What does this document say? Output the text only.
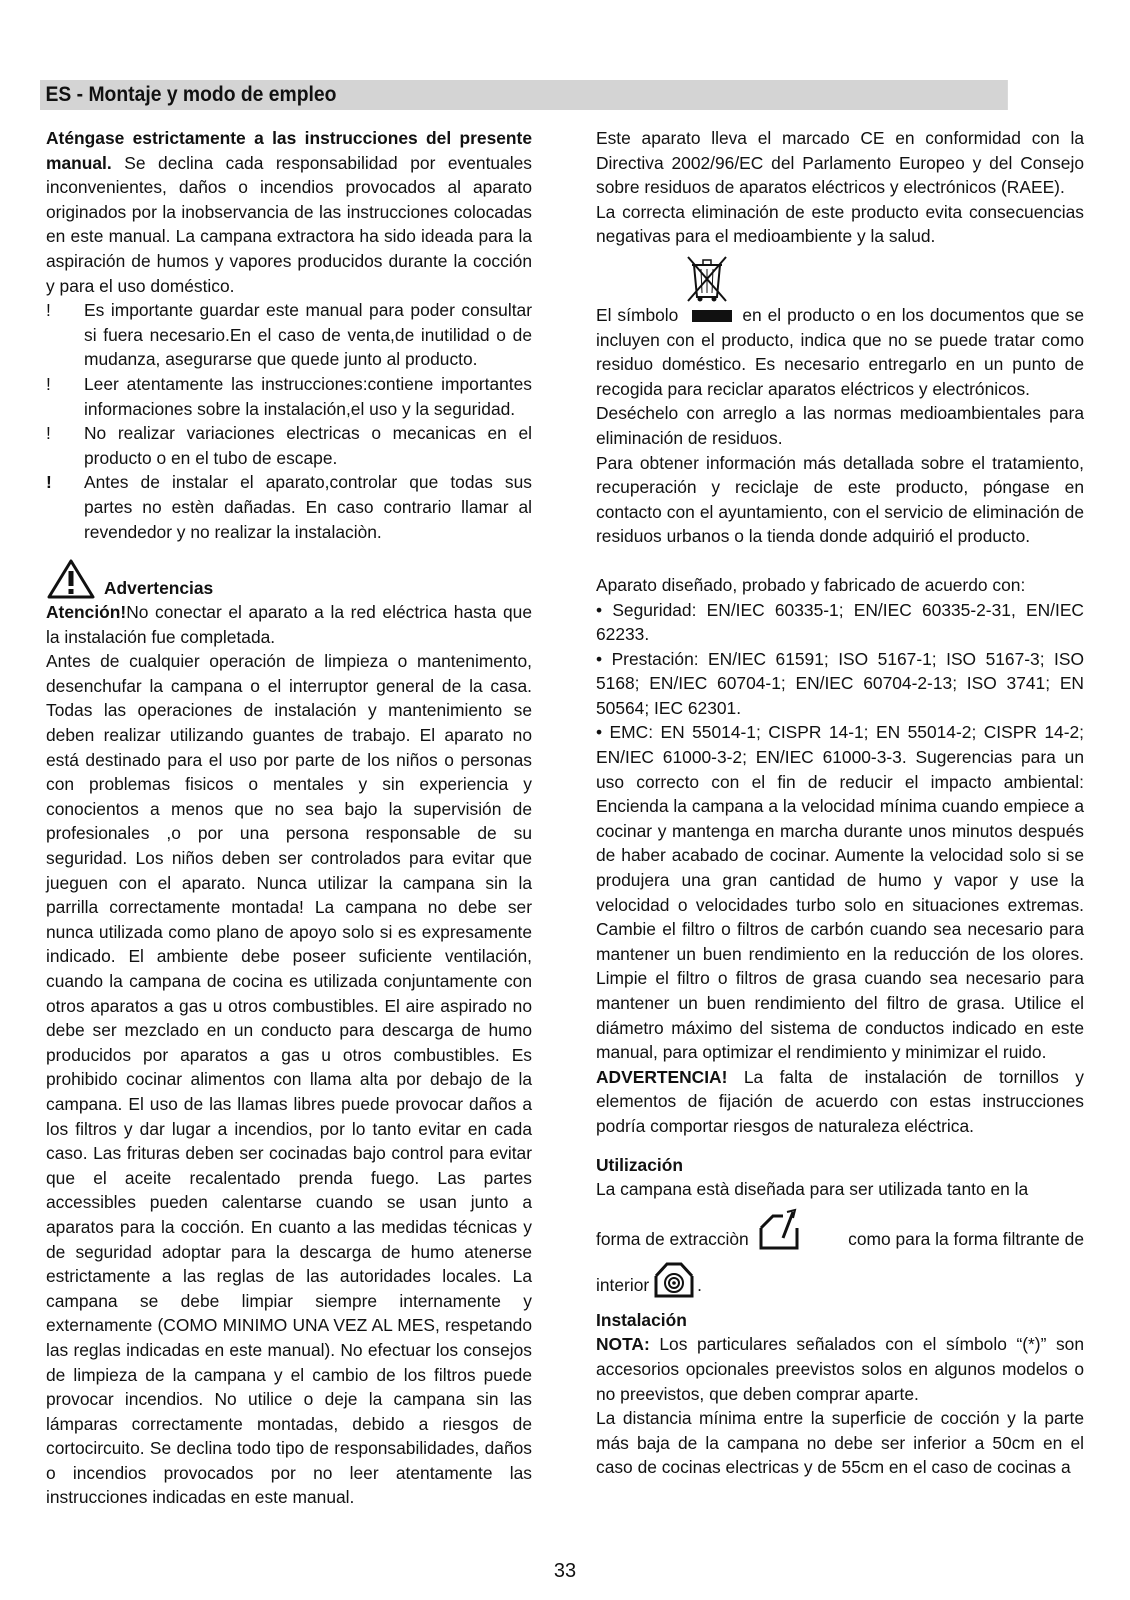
ES - Montaje y modo de empleo

Aténgase estrictamente a las instrucciones del presente manual. Se declina cada responsabilidad por eventuales inconvenientes, daños o incendios provocados al aparato originados por la inobservancia de las instrucciones colocadas en este manual. La campana extractora ha sido ideada para la aspiración de humos y vapores producidos durante la cocción y para el uso doméstico.

!	Es importante guardar este manual para poder consultar si fuera necesario.En el caso de venta,de inutilidad o de mudanza, asegurarse que quede junto al producto.
!	Leer atentamente las instrucciones:contiene importantes informaciones sobre la instalación,el uso y la seguridad.
!	No realizar variaciones electricas o mecanicas en el producto o en el tubo de escape.
!	Antes de instalar el aparato,controlar que todas sus partes no estèn dañadas. En caso contrario llamar al revendedor y no realizar la instalaciòn.
Advertencias

Atención!No conectar el aparato a la red eléctrica hasta que la instalación fue completada.

Antes de cualquier operación de limpieza o mantenimento, desenchufar la campana o el interruptor general de la casa. Todas las operaciones de instalación y mantenimiento se deben realizar utilizando guantes de trabajo. El aparato no está destinado para el uso por parte de los niños o personas con problemas fisicos o mentales y sin experiencia y conocientos a menos que no sea bajo la supervisión de profesionales ,o por una persona responsable de su seguridad. Los niños deben ser controlados para evitar que jueguen con el aparato. Nunca utilizar la campana sin la parrilla correctamente montada! La campana no debe ser nunca utilizada como plano de apoyo solo si es expresamente indicado. El ambiente debe poseer suficiente ventilación, cuando la campana de cocina es utilizada conjuntamente con otros aparatos a gas u otros combustibles. El aire aspirado no debe ser mezclado en un conducto para descarga de humo producidos por aparatos a gas u otros combustibles. Es prohibido cocinar alimentos con llama alta por debajo de la campana. El uso de las llamas libres puede provocar daños a los filtros y dar lugar a incendios, por lo tanto evitar en cada caso. Las frituras deben ser cocinadas bajo control para evitar que el aceite recalentado prenda fuego. Las partes accessibles pueden calentarse cuando se usan junto a aparatos para la cocción. En cuanto a las medidas técnicas y de seguridad adoptar para la descarga de humo atenerse estrictamente a las reglas de las autoridades locales. La campana se debe limpiar siempre internamente y externamente (COMO MINIMO UNA VEZ AL MES, respetando las reglas indicadas en este manual). No efectuar los consejos de limpieza de la campana y el cambio de los filtros puede provocar incendios. No utilice o deje la campana sin las lámparas correctamente montadas, debido a riesgos de cortocircuito. Se declina todo tipo de responsabilidades, daños o incendios provocados por no leer atentamente las instrucciones indicadas en este manual.

Este aparato lleva el marcado CE en conformidad con la Directiva 2002/96/EC del Parlamento Europeo y del Consejo sobre residuos de aparatos eléctricos y electrónicos (RAEE).

La correcta eliminación de este producto evita consecuencias negativas para el medioambiente y la salud.

El símbolo	en el producto o en los documentos que se incluyen con el producto, indica que no se puede tratar como residuo doméstico. Es necesario entregarlo en un punto de recogida para reciclar aparatos eléctricos y electrónicos.

Deséchelo con arreglo a las normas medioambientales para eliminación de residuos.

Para obtener información más detallada sobre el tratamiento, recuperación y reciclaje de este producto, póngase en contacto con el ayuntamiento, con el servicio de eliminación de residuos urbanos o la tienda donde adquirió el producto.

Aparato diseñado, probado y fabricado de acuerdo con:

• Seguridad: EN/IEC 60335-1; EN/IEC 60335-2-31, EN/IEC 62233.

• Prestación: EN/IEC 61591; ISO 5167-1; ISO 5167-3; ISO 5168; EN/IEC 60704-1; EN/IEC 60704-2-13; ISO 3741; EN 50564; IEC 62301.

• EMC: EN 55014-1; CISPR 14-1; EN 55014-2; CISPR 14-2; EN/IEC 61000-3-2; EN/IEC 61000-3-3. Sugerencias para un uso correcto con el fin de reducir el impacto ambiental: Encienda la campana a la velocidad mínima cuando empiece a cocinar y mantenga en marcha durante unos minutos después de haber acabado de cocinar. Aumente la velocidad solo si se produjera una gran cantidad de humo y vapor y use la velocidad o velocidades turbo solo en situaciones extremas. Cambie el filtro o filtros de carbón cuando sea necesario para mantener un buen rendimiento en la reducción de los olores. Limpie el filtro o filtros de grasa cuando sea necesario para mantener un buen rendimiento del filtro de grasa. Utilice el diámetro máximo del sistema de conductos indicado en este manual, para optimizar el rendimiento y minimizar el ruido.

ADVERTENCIA! La falta de instalación de tornillos y elementos de fijación de acuerdo con estas instrucciones podría comportar riesgos de naturaleza eléctrica.

Utilización

La campana està diseñada para ser utilizada tanto en la

forma de extracciòn	como para la forma filtrante de

interior	.

Instalación

NOTA: Los particulares señalados con el símbolo “(*)” son accesorios opcionales preevistos solos en algunos modelos o no preevistos, que deben comprar aparte.

La distancia mínima entre la superficie de cocción y la parte más baja de la campana no debe ser inferior a 50cm en el caso de cocinas electricas y de 55cm en el caso de cocinas a

33
